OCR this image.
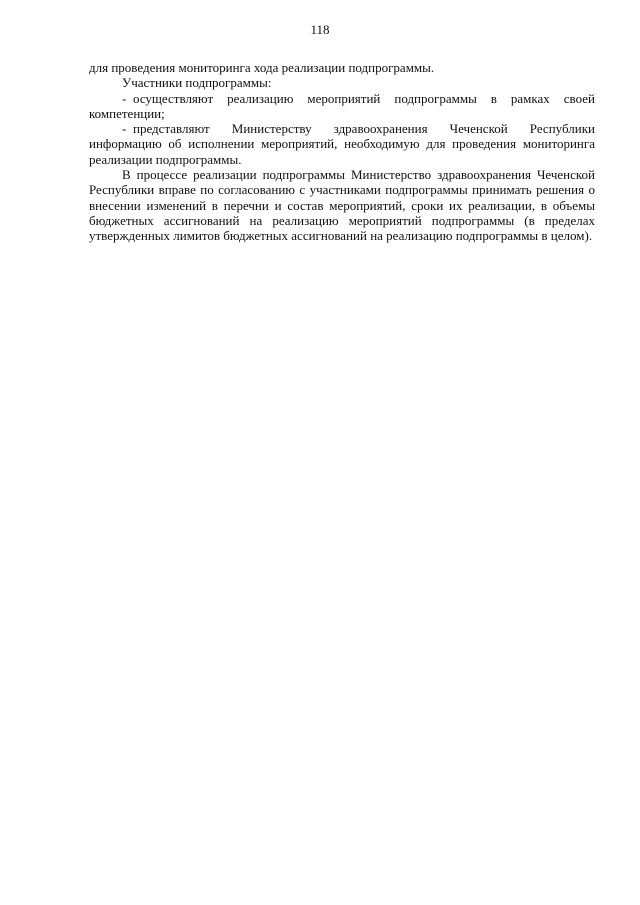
118

для проведения мониторинга хода реализации подпрограммы.

Участники подпрограммы:

- осуществляют реализацию мероприятий подпрограммы в рамках своей компетенции;

- представляют Министерству здравоохранения Чеченской Республики информацию об исполнении мероприятий, необходимую для проведения мониторинга реализации подпрограммы.

В процессе реализации подпрограммы Министерство здравоохранения Чеченской Республики вправе по согласованию с участниками подпрограммы принимать решения о внесении изменений в перечни и состав мероприятий, сроки их реализации, в объемы бюджетных ассигнований на реализацию мероприятий подпрограммы (в пределах утвержденных лимитов бюджетных ассигнований на реализацию подпрограммы в целом).
